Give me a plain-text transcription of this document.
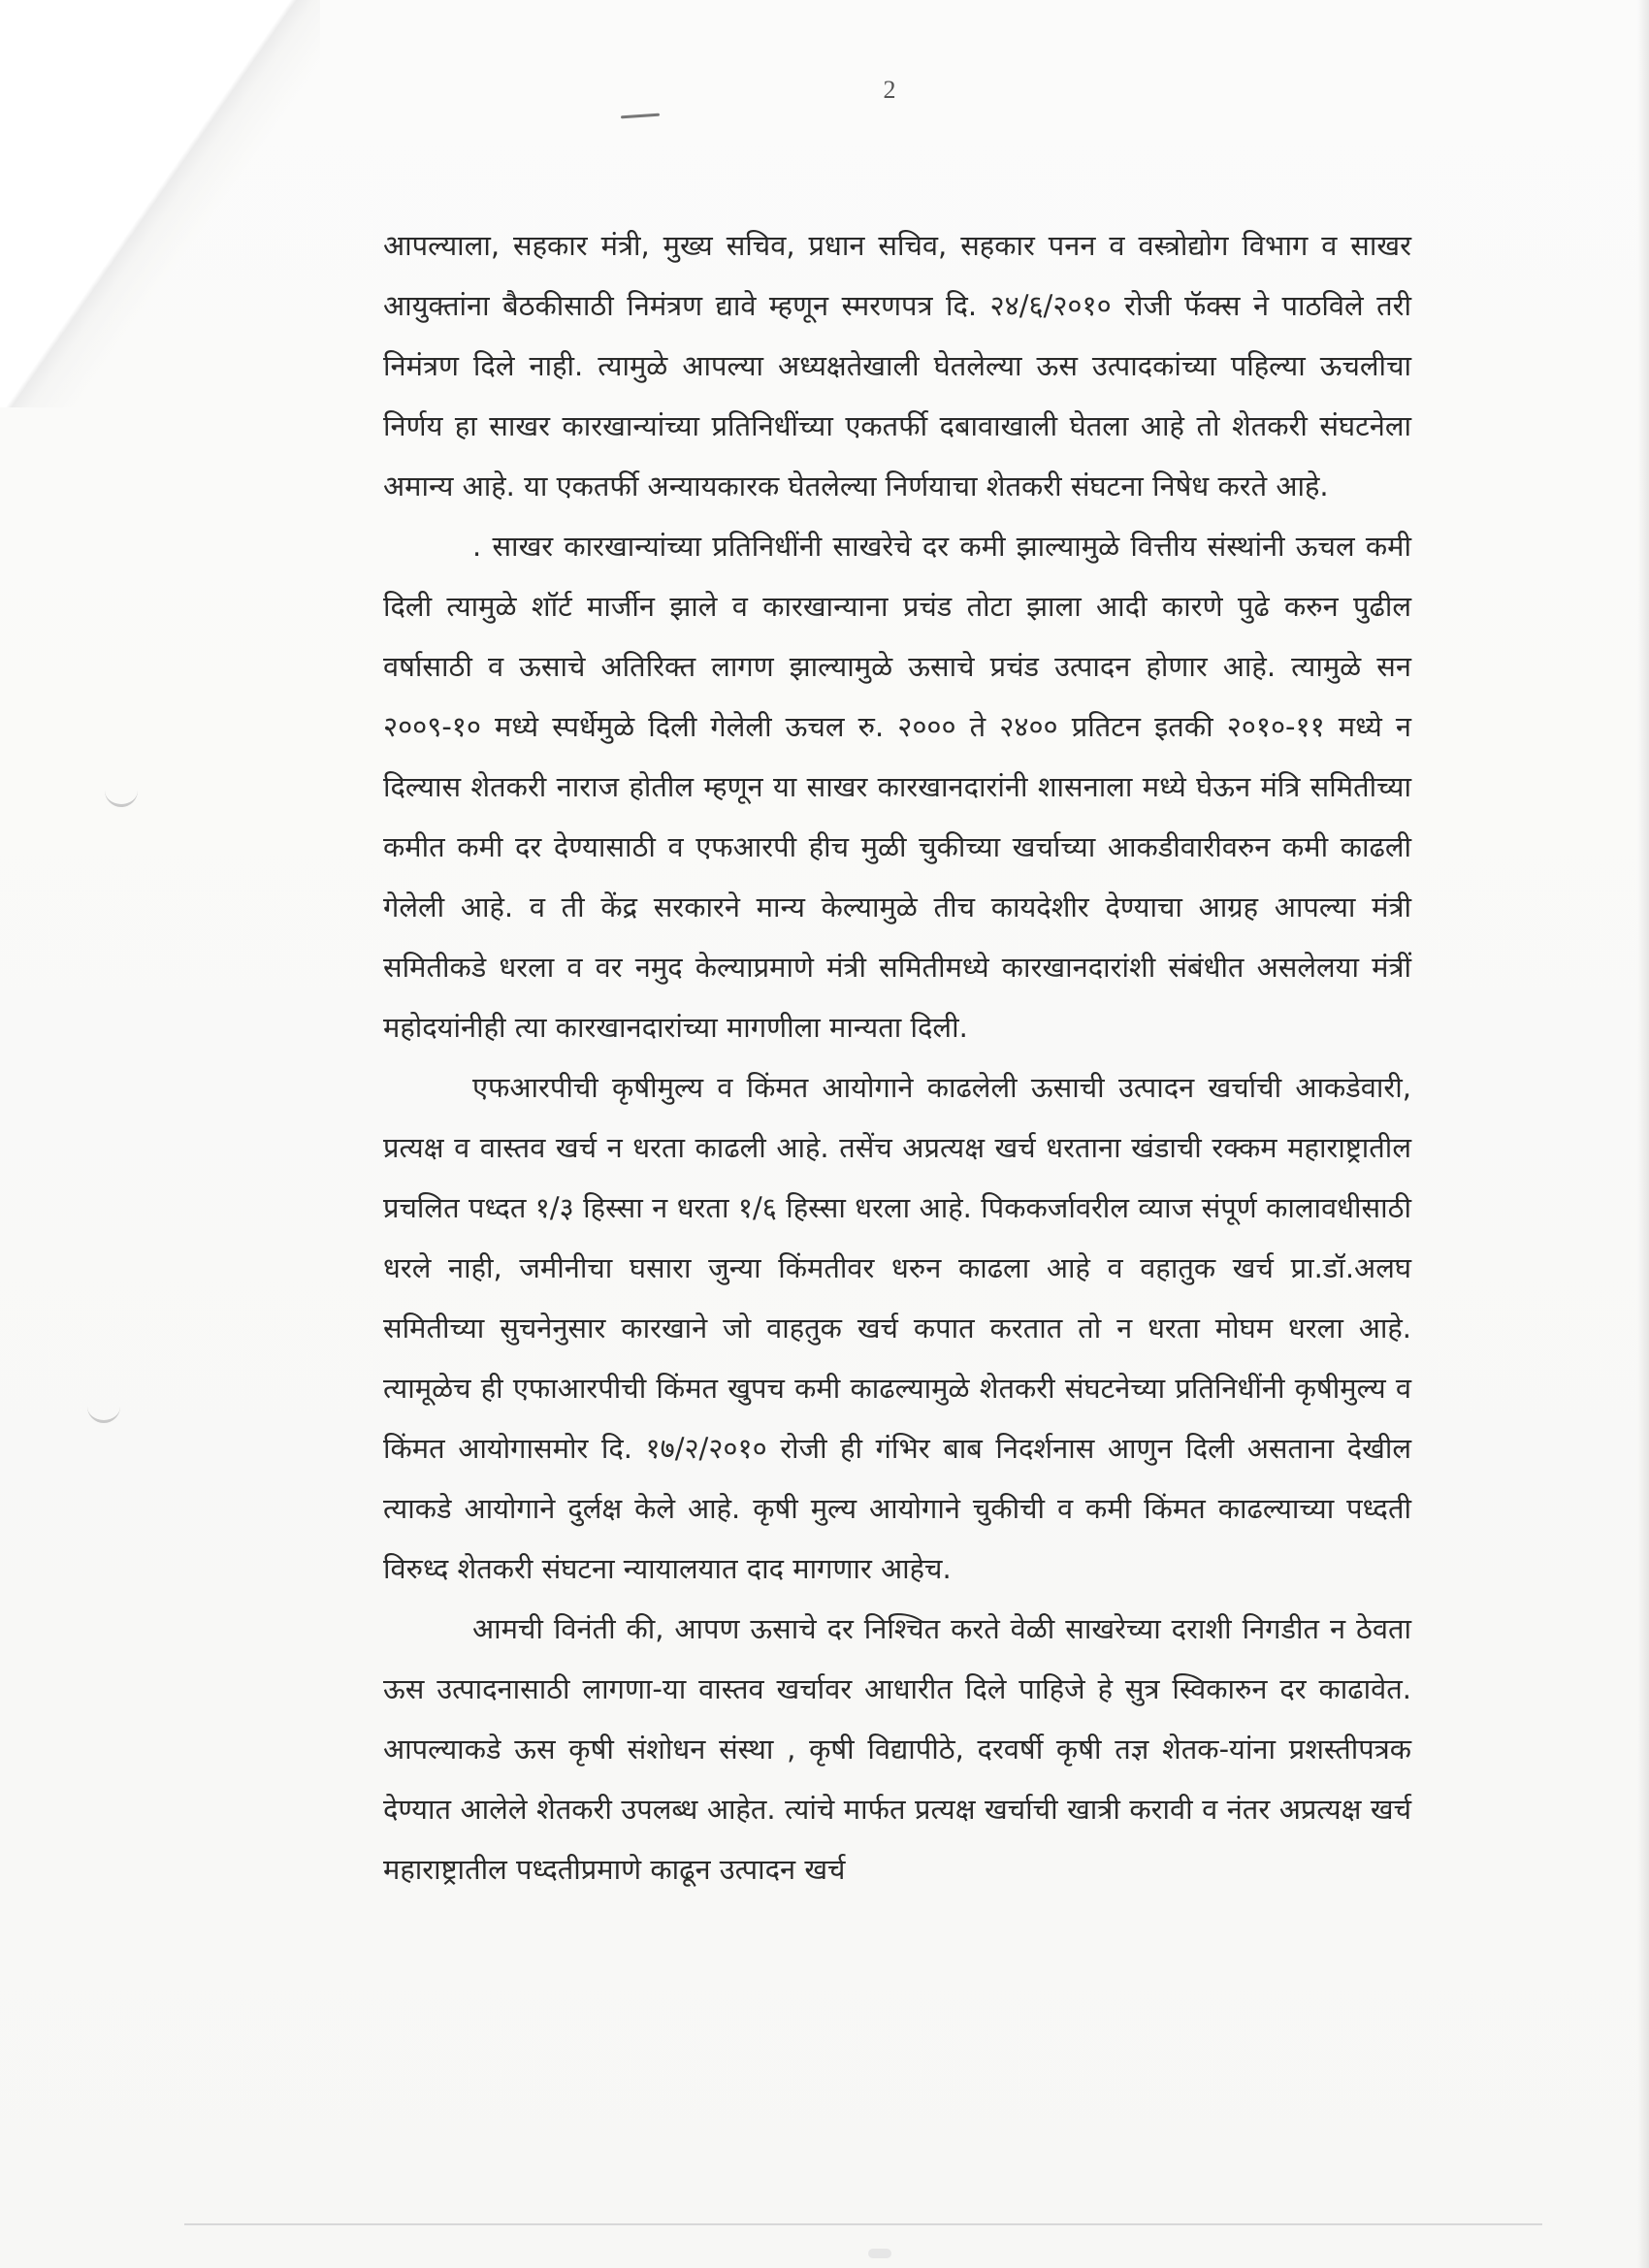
2

आपल्याला, सहकार मंत्री, मुख्य सचिव, प्रधान सचिव, सहकार पनन व वस्त्रोद्योग विभाग व साखर आयुक्तांना बैठकीसाठी निमंत्रण द्यावे म्हणून स्मरणपत्र दि. २४/६/२०१० रोजी फॅक्स ने पाठविले तरी निमंत्रण दिले नाही. त्यामुळे आपल्या अध्यक्षतेखाली घेतलेल्या ऊस उत्पादकांच्या पहिल्या ऊचलीचा निर्णय हा साखर कारखान्यांच्या प्रतिनिधींच्या एकतर्फी दबावाखाली घेतला आहे तो शेतकरी संघटनेला अमान्य आहे. या एकतर्फी अन्यायकारक घेतलेल्या निर्णयाचा शेतकरी संघटना निषेध करते आहे.

. साखर कारखान्यांच्या प्रतिनिधींनी साखरेचे दर कमी झाल्यामुळे वित्तीय संस्थांनी ऊचल कमी दिली त्यामुळे शॉर्ट मार्जीन झाले व कारखान्याना प्रचंड तोटा झाला आदी कारणे पुढे करुन पुढील वर्षासाठी व ऊसाचे अतिरिक्त लागण झाल्यामुळे ऊसाचे प्रचंड उत्पादन होणार आहे. त्यामुळे सन २००९-१० मध्ये स्पर्धेमुळे दिली गेलेली ऊचल रु. २००० ते २४०० प्रतिटन इतकी २०१०-११ मध्ये न दिल्यास शेतकरी नाराज होतील म्हणून या साखर कारखानदारांनी शासनाला मध्ये घेऊन मंत्रि समितीच्या कमीत कमी दर देण्यासाठी व एफआरपी हीच मुळी चुकीच्या खर्चाच्या आकडीवारीवरुन कमी काढली गेलेली आहे. व ती केंद्र सरकारने मान्य केल्यामुळे तीच कायदेशीर देण्याचा आग्रह आपल्या मंत्री समितीकडे धरला व वर नमुद केल्याप्रमाणे मंत्री समितीमध्ये कारखानदारांशी संबंधीत असलेलया मंत्रीं महोदयांनीही त्या कारखानदारांच्या मागणीला मान्यता दिली.

एफआरपीची कृषीमुल्य व किंमत आयोगाने काढलेली ऊसाची उत्पादन खर्चाची आकडेवारी, प्रत्यक्ष व वास्तव खर्च न धरता काढली आहे. तसेंच अप्रत्यक्ष खर्च धरताना खंडाची रक्कम महाराष्ट्रातील प्रचलित पध्दत १/३ हिस्सा न धरता १/६ हिस्सा धरला आहे. पिककर्जावरील व्याज संपूर्ण कालावधीसाठी धरले नाही, जमीनीचा घसारा जुन्या किंमतीवर धरुन काढला आहे व वहातुक खर्च प्रा.डॉ.अलघ समितीच्या सुचनेनुसार कारखाने जो वाहतुक खर्च कपात करतात तो न धरता मोघम धरला आहे. त्यामूळेच ही एफाआरपीची किंमत खुपच कमी काढल्यामुळे शेतकरी संघटनेच्या प्रतिनिधींनी कृषीमुल्य व किंमत आयोगासमोर दि. १७/२/२०१० रोजी ही गंभिर बाब निदर्शनास आणुन दिली असताना देखील त्याकडे आयोगाने दुर्लक्ष केले आहे. कृषी मुल्य आयोगाने चुकीची व कमी किंमत काढल्याच्या पध्दती विरुध्द शेतकरी संघटना न्यायालयात दाद मागणार आहेच.

आमची विनंती की, आपण ऊसाचे दर निश्चित करते वेळी साखरेच्या दराशी निगडीत न ठेवता ऊस उत्पादनासाठी लागणा-या वास्तव खर्चावर आधारीत दिले पाहिजे हे सुत्र स्विकारुन दर काढावेत. आपल्याकडे ऊस कृषी संशोधन संस्था , कृषी विद्यापीठे, दरवर्षी कृषी तज्ञ शेतक-यांना प्रशस्तीपत्रक देण्यात आलेले शेतकरी उपलब्ध आहेत. त्यांचे मार्फत प्रत्यक्ष खर्चाची खात्री करावी व नंतर अप्रत्यक्ष खर्च महाराष्ट्रातील पध्दतीप्रमाणे काढून उत्पादन खर्च
